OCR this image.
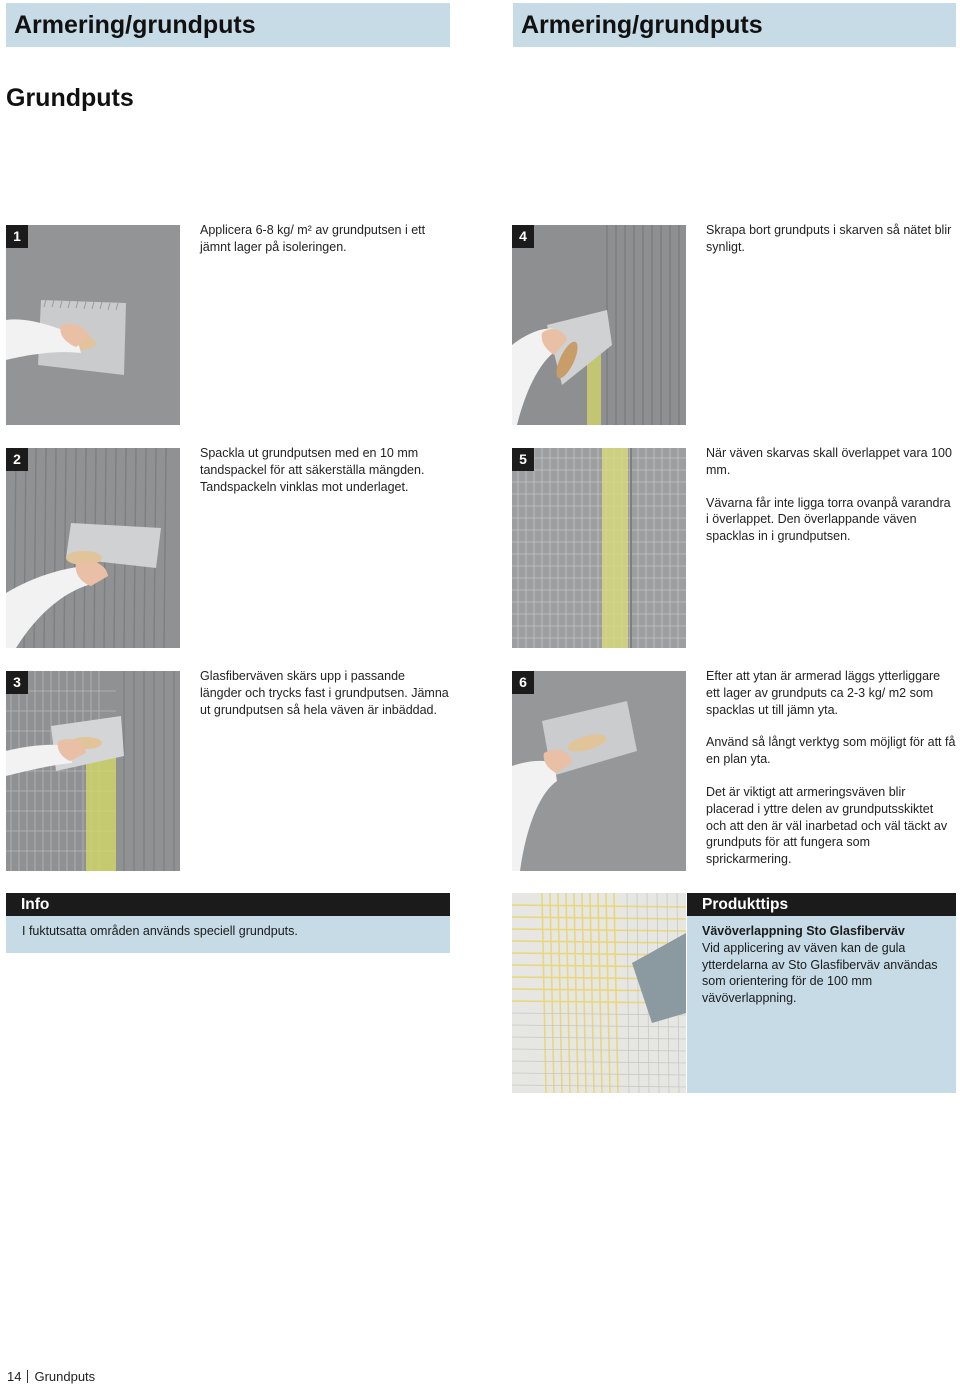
Armering/grundputs	Armering/grundputs
Grundputs
1	Applicera 6-8 kg/ m² av grundputsen i ett jämnt lager på isoleringen.

2	Spackla ut grundputsen med en 10 mm tandspackel för att säkerställa mängden. Tandspackeln vinklas mot underlaget.

3	Glasfiberväven skärs upp i passande längder och trycks fast i grundputsen. Jämna ut grundputsen så hela väven är inbäddad.

4	Skrapa bort grundputs i skarven så nätet blir synligt.

5	När väven skarvas skall överlappet vara 100 mm.

Vävarna får inte ligga torra ovanpå varandra i överlappet. Den överlappande väven spacklas in i grundputsen.

6	Efter att ytan är armerad läggs ytterliggare ett lager av grundputs ca 2-3 kg/ m2 som spacklas ut till jämn yta.

Använd så långt verktyg som möjligt för att få en plan yta.

Det är viktigt att armeringsväven blir placerad i yttre delen av grundputsskiktet och att den är väl inarbetad och väl täckt av grundputs för att fungera som sprickarmering.

Info
I fuktutsatta områden används speciell grundputs.
Produkttips
Vävöverlappning Sto Glasfiberväv
Vid applicering av väven kan de gula ytterdelarna av Sto Glasfiberväv användas som orientering för de 100 mm vävöverlappning.
14 Grundputs
